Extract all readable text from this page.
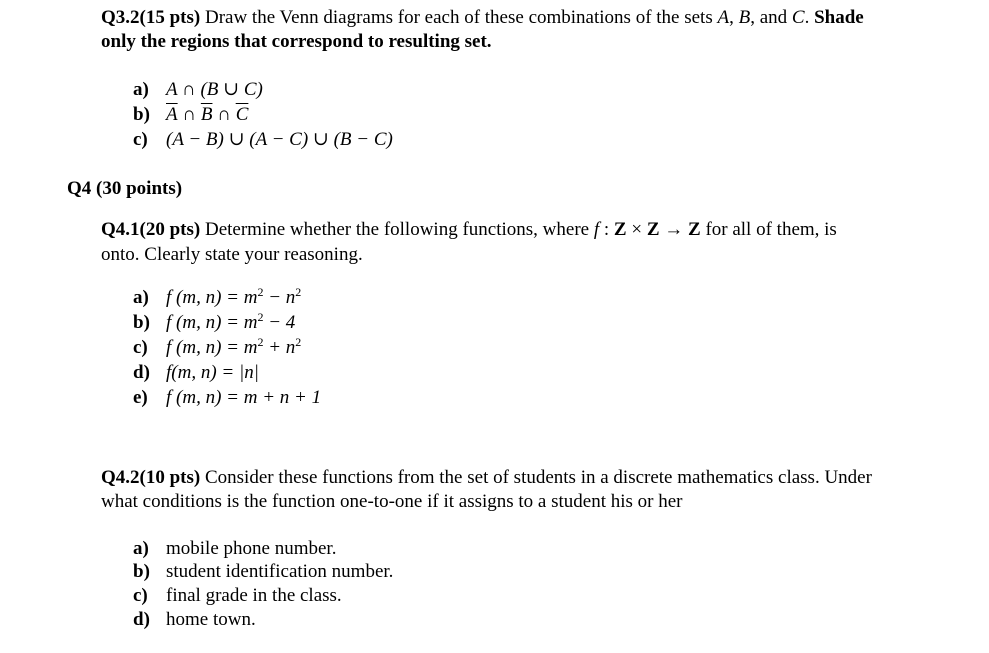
Q3.2(15 pts) Draw the Venn diagrams for each of these combinations of the sets A, B, and C. Shade
only the regions that correspond to resulting set.
a) A ∩ (B ∪ C)
b) $\overline{A}$ ∩ $\overline{B}$ ∩ $\overline{C}$
c) (A − B) ∪ (A − C) ∪ (B − C)
Q4 (30 points)
Q4.1(20 pts) Determine whether the following functions, where f : Z × Z → Z for all of them, is
onto. Clearly state your reasoning.
a) f (m, $n) = m^2 - n^2$
b) f (m, $n) = m^2 - 4$
c) f (m, $n) = m^2 + n^2$
d) f(m, n) = |n|
e) f (m, n) = m + n + 1
Q4.2(10 pts) Consider these functions from the set of students in a discrete mathematics class. Under
what conditions is the function one-to-one if it assigns to a student his or her
a) mobile phone number.
b) student identification number.
c) final grade in the class.
d) home town.
